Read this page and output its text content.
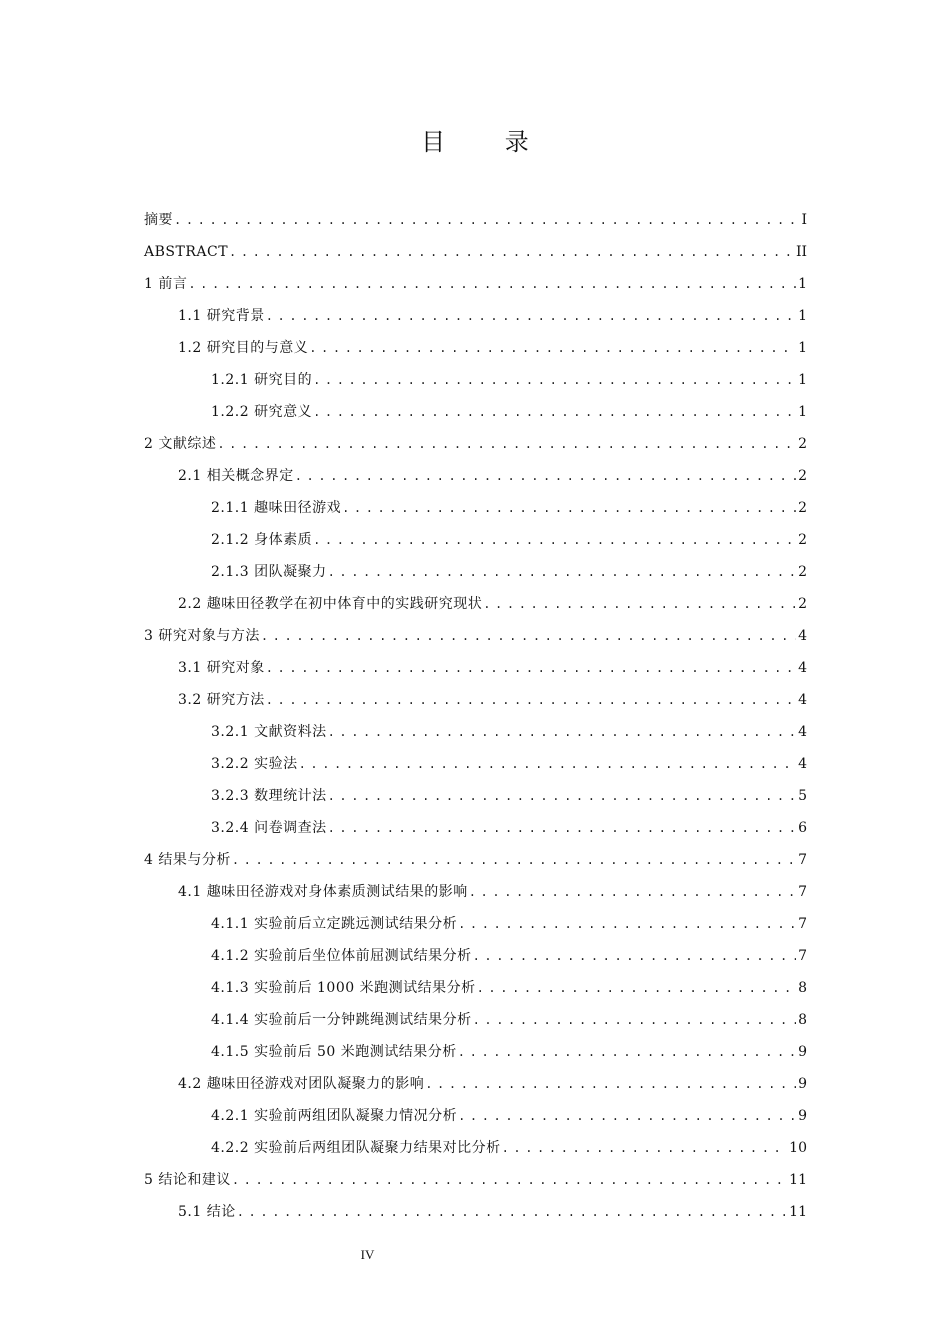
目 录
摘要 .....	I
ABSTRACT .....	II
1 前言 .....	1
1.1 研究背景 .....	1
1.2 研究目的与意义 .....	1
1.2.1 研究目的 .....	1
1.2.2 研究意义 .....	1
2 文献综述 .....	2
2.1 相关概念界定 .....	2
2.1.1 趣味田径游戏 .....	2
2.1.2 身体素质 .....	2
2.1.3 团队凝聚力 .....	2
2.2 趣味田径教学在初中体育中的实践研究现状 .....	2
3 研究对象与方法 .....	4
3.1 研究对象 .....	4
3.2 研究方法 .....	4
3.2.1 文献资料法 .....	4
3.2.2 实验法 .....	4
3.2.3 数理统计法 .....	5
3.2.4 问卷调查法 .....	6
4 结果与分析 .....	7
4.1 趣味田径游戏对身体素质测试结果的影响 .....	7
4.1.1 实验前后立定跳远测试结果分析 .....	7
4.1.2 实验前后坐位体前屈测试结果分析 .....	7
4.1.3 实验前后 1000 米跑测试结果分析 .....	8
4.1.4 实验前后一分钟跳绳测试结果分析 .....	8
4.1.5 实验前后 50 米跑测试结果分析 .....	9
4.2 趣味田径游戏对团队凝聚力的影响 .....	9
4.2.1 实验前两组团队凝聚力情况分析 .....	9
4.2.2 实验前后两组团队凝聚力结果对比分析 .....	10
5 结论和建议 .....	11
5.1 结论 .....	11
IV
